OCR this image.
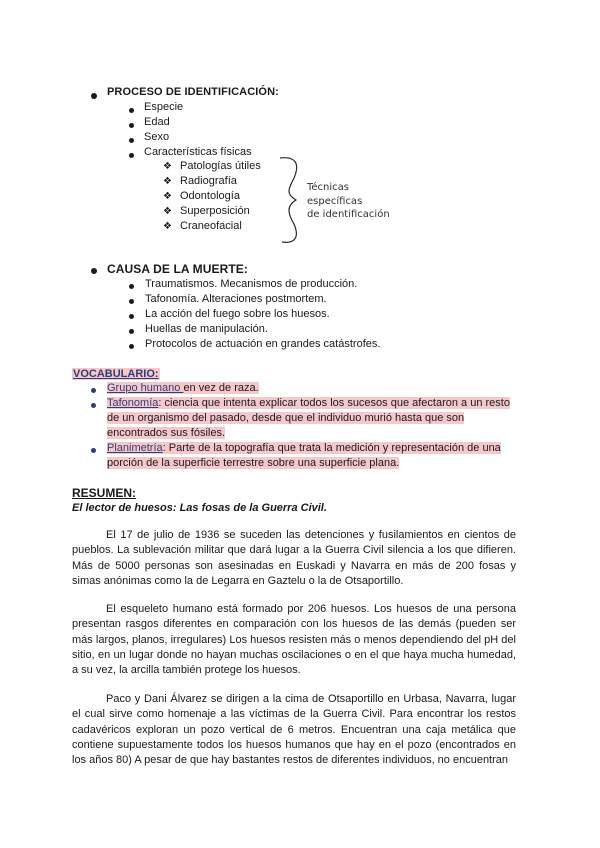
PROCESO DE IDENTIFICACIÓN:
Especie
Edad
Sexo
Características físicas
❖ Patologías útiles
❖ Radiografía
❖ Odontología
❖ Superposición
❖ Craneofacial
Técnicas
específicas
de identificación
CAUSA DE LA MUERTE:
Traumatismos. Mecanismos de producción.
Tafonomía. Alteraciones postmortem.
La acción del fuego sobre los huesos.
Huellas de manipulación.
Protocolos de actuación en grandes catástrofes.
VOCABULARIO:
Grupo humano en vez de raza.
Tafonomía: ciencia que intenta explicar todos los sucesos que afectaron a un resto
de un organismo del pasado, desde que el individuo murió hasta que son
encontrados sus fósiles.
Planimetría: Parte de la topografía que trata la medición y representación de una
porción de la superficie terrestre sobre una superficie plana.
RESUMEN:
El lector de huesos: Las fosas de la Guerra Civil.

El 17 de julio de 1936 se suceden las detenciones y fusilamientos en cientos de pueblos. La sublevación militar que dará lugar a la Guerra Civil silencia a los que difieren. Más de 5000 personas son asesinadas en Euskadi y Navarra en más de 200 fosas y simas anónimas como la de Legarra en Gaztelu o la de Otsaportillo.

El esqueleto humano está formado por 206 huesos. Los huesos de una persona presentan rasgos diferentes en comparación con los huesos de las demás (pueden ser más largos, planos, irregulares) Los huesos resisten más o menos dependiendo del pH del sitio, en un lugar donde no hayan muchas oscilaciones o en el que haya mucha humedad, a su vez, la arcilla también protege los huesos.

Paco y Dani Álvarez se dirigen a la cima de Otsaportillo en Urbasa, Navarra, lugar el cual sirve como homenaje a las víctimas de la Guerra Civil. Para encontrar los restos cadavéricos exploran un pozo vertical de 6 metros. Encuentran una caja metálica que contiene supuestamente todos los huesos humanos que hay en el pozo (encontrados en los años 80) A pesar de que hay bastantes restos de diferentes individuos, no encuentran
